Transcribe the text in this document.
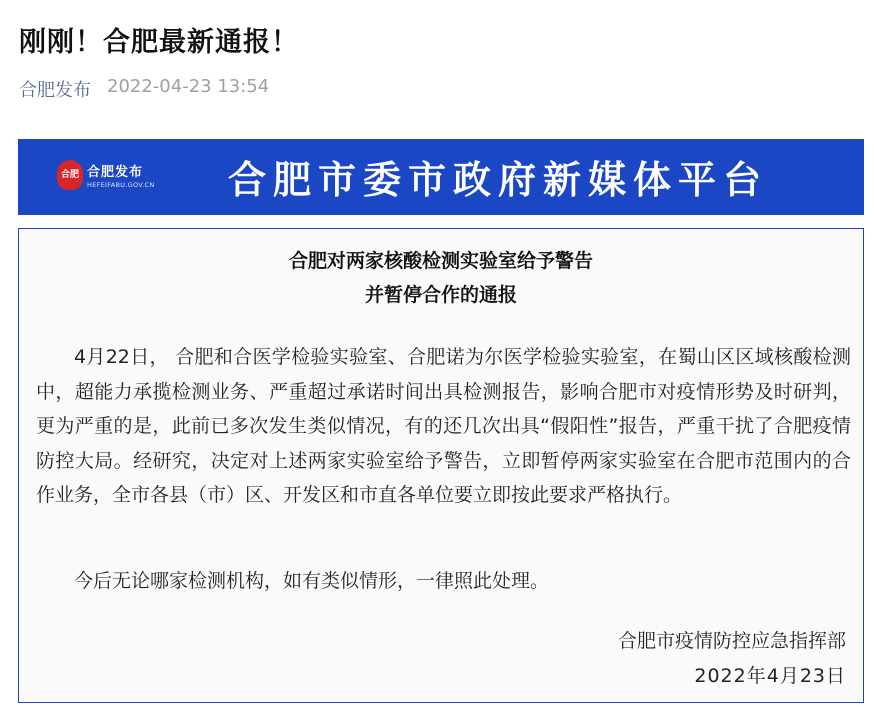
刚刚！合肥最新通报！
合肥发布 2022-04-23 13:54
合肥 合肥发布
HEFEIFABU.GOV.CN 合肥市委市政府新媒体平台
合肥对两家核酸检测实验室给予警告
并暂停合作的通报

4月22日， 合肥和合医学检验实验室、合肥诺为尔医学检验实验室，在蜀山区区域核酸检测中，超能力承揽检测业务、严重超过承诺时间出具检测报告，影响合肥市对疫情形势及时研判，更为严重的是，此前已多次发生类似情况，有的还几次出具“假阳性”报告，严重干扰了合肥疫情防控大局。经研究，决定对上述两家实验室给予警告，立即暂停两家实验室在合肥市范围内的合作业务，全市各县（市）区、开发区和市直各单位要立即按此要求严格执行。

今后无论哪家检测机构，如有类似情形，一律照此处理。

合肥市疫情防控应急指挥部
2022年4月23日
